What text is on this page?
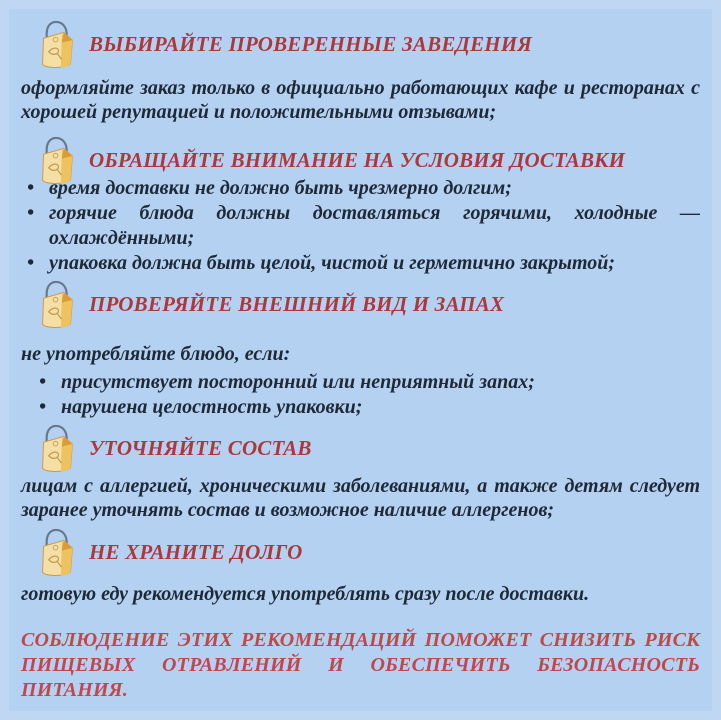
ВЫБИРАЙТЕ ПРОВЕРЕННЫЕ ЗАВЕДЕНИЯ

оформляйте заказ только в официально работающих кафе и ресторанах с хорошей репутацией и положительными отзывами;

ОБРАЩАЙТЕ ВНИМАНИЕ НА УСЛОВИЯ ДОСТАВКИ
• время доставки не должно быть чрезмерно долгим;
• горячие блюда должны доставляться горячими, холодные — охлаждёнными;
• упаковка должна быть целой, чистой и герметично закрытой;
ПРОВЕРЯЙТЕ ВНЕШНИЙ ВИД И ЗАПАХ

не употребляйте блюдо, если:

• присутствует посторонний или неприятный запах;
• нарушена целостность упаковки;
УТОЧНЯЙТЕ СОСТАВ

лицам с аллергией, хроническими заболеваниями, а также детям следует заранее уточнять состав и возможное наличие аллергенов;

НЕ ХРАНИТЕ ДОЛГО

готовую еду рекомендуется употреблять сразу после доставки.

СОБЛЮДЕНИЕ ЭТИХ РЕКОМЕНДАЦИЙ ПОМОЖЕТ СНИЗИТЬ РИСК ПИЩЕВЫХ ОТРАВЛЕНИЙ И ОБЕСПЕЧИТЬ БЕЗОПАСНОСТЬ ПИТАНИЯ.
